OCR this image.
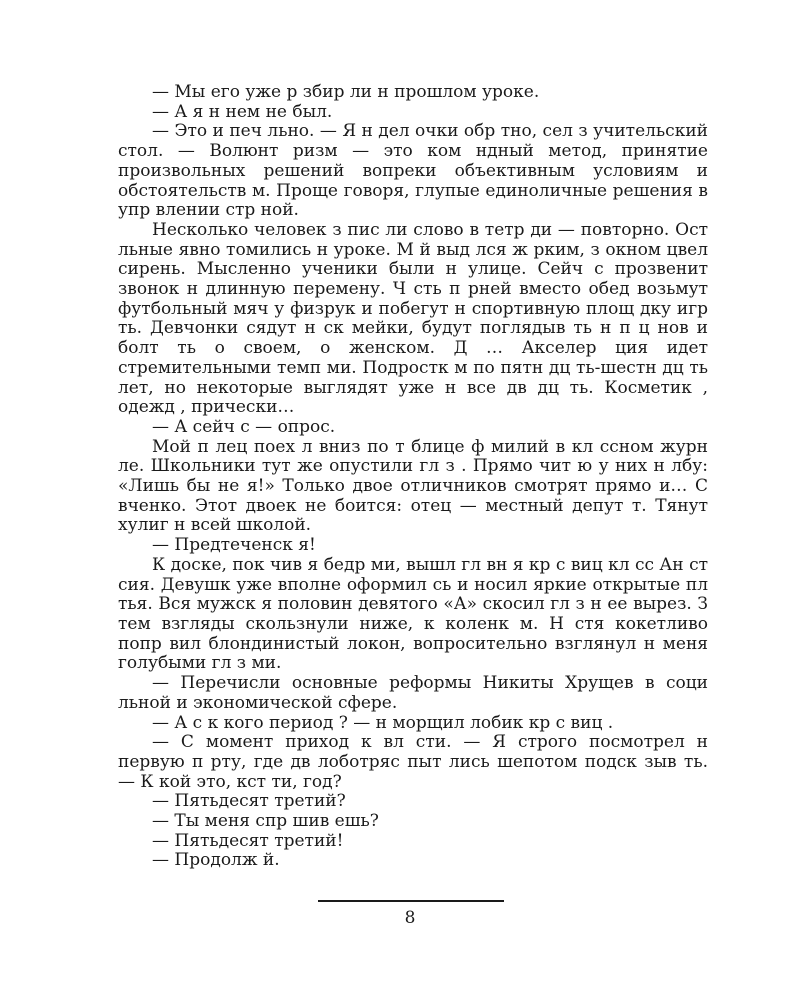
— Мы его уже р збир ли н прошлом уроке.

— А я н нем не был.

— Это и печ льно. — Я н дел очки обр тно, сел з учительский стол. — Волюнт ризм — это ком ндный метод, принятие произвольных решений вопреки объективным условиям и обстоятельств м. Проще говоря, глупые единоличные решения в упр влении стр ной.

Несколько человек з пис ли слово в тетр ди — повторно. Ост льные явно томились н уроке. М й выд лся ж рким, з окном цвел сирень. Мысленно ученики были н улице. Сейч с прозвенит звонок н длинную перемену. Ч сть п рней вместо обед возьмут футбольный мяч у физрук и побегут н спортивную площ дку игр ть. Девчонки сядут н ск мейки, будут поглядыв ть н п ц нов и болт ть о своем, о женском. Д … Акселер ция идет стремительными темп ми. Подростк м по пятн дц ть-шестн дц ть лет, но некоторые выглядят уже н все дв дц ть. Косметик , одежд , прически…

— А сейч с — опрос.

Мой п лец поех л вниз по т блице ф милий в кл ссном журн ле. Школьники тут же опустили гл з . Прямо чит ю у них н лбу: «Лишь бы не я!» Только двое отличников смотрят прямо и… С вченко. Этот двоек не боится: отец — местный депут т. Тянут хулиг н всей школой.

— Предтеченск я!

К доске, пок чив я бедр ми, вышл гл вн я кр с виц кл сс Ан ст сия. Девушк уже вполне оформил сь и носил яркие открытые пл тья. Вся мужск я половин девятого «А» скосил гл з н ее вырез. З тем взгляды скользнули ниже, к коленк м. Н стя кокетливо попр вил блондинистый локон, вопросительно взглянул н меня голубыми гл з ми.

— Перечисли основные реформы Никиты Хрущев в соци льной и экономической сфере.

— А с к кого период ? — н морщил лобик кр с виц .

— С момент приход к вл сти. — Я строго посмотрел н первую п рту, где дв лоботряс пыт лись шепотом подск зыв ть. — К кой это, кст ти, год?

— Пятьдесят третий?

— Ты меня спр шив ешь?

— Пятьдесят третий!

— Продолж й.

8
